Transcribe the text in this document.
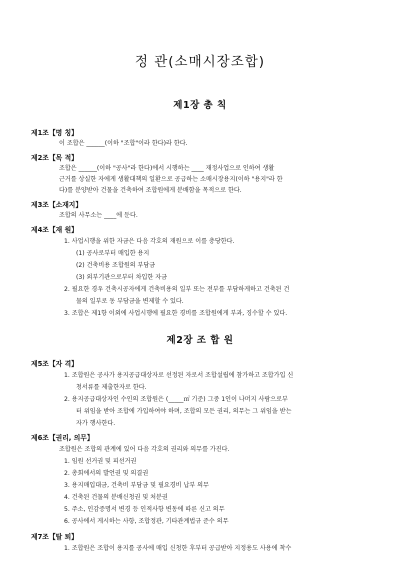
정 관(소매시장조합)
제1장 총 칙
제1조【명 칭】
이 조합은 ______(이하 "조합"이라 한다)라 한다.
제2조【목 적】
조합은 ______(이하 "공사"라 한다)에서 시행하는 ____ 재정사업으로 인하여 생활
근거를 상실한 자에게 생활대책의 일환으로 공급하는 소매시장용지(이하 "용지"라 한
다)를 분양받아 건물을 건축하여 조합원에게 분배함을 목적으로 한다.
제3조【소재지】
조합의 사무소는 ____에 둔다.
제4조【재 원】
1. 사업시행을 위한 자금은 다음 각호의 재원으로 이를 충당한다.
(1) 공사로부터 매입한 용지
(2) 건축비용 조합원의 부담금
(3) 외부기관으로부터 차입한 자금
2. 필요한 경우 건축시공자에게 건축비용의 일부 또는 전부를 부담하게하고 건축된 건
물의 일부로 동 부담금을 변제할 수 있다.
3. 조합은 제1항 이외에 사업시행에 필요한 경비를 조합원에게 부과, 징수할 수 있다.
제2장 조 합 원
제5조【자 격】
1. 조합원은 공사가 용지공급대상자로 선정된 자로서 조합설립에 참가하고 조합가입 신
청서류를 제출한자로 한다.
2. 용지공급대상자인 수인의 조합원은 (_____㎡ 기준) 그중 1인이 나머지 사람으로부
터 위임을 받아 조합에 가입하여야 하며, 조합의 모든 권리, 의무는 그 위임을 받는
자가 행사한다.
제6조【권리, 의무】
조합원은 조합의 관계에 있어 다음 각호의 권리와 의무를 가진다.
1. 임원 선거권 및 피선거권
2. 총회에서의 발언권 및 의결권
3. 용지매입대금, 건축비 부담금 및 필요경비 납부 의무
4. 건축된 건물의 분배신청권 및 처분권
5. 주소, 인감증명서 변경 등 인적사항 변동에 따른 신고 의무
6. 공사에서 게시하는 사항, 조합정관, 기타관계법규 준수 의무
제7조【탈 퇴】
1. 조합원은 조합이 용지를 공사에 매입 신청한 후부터 공급받아 지정용도 사용에 착수
